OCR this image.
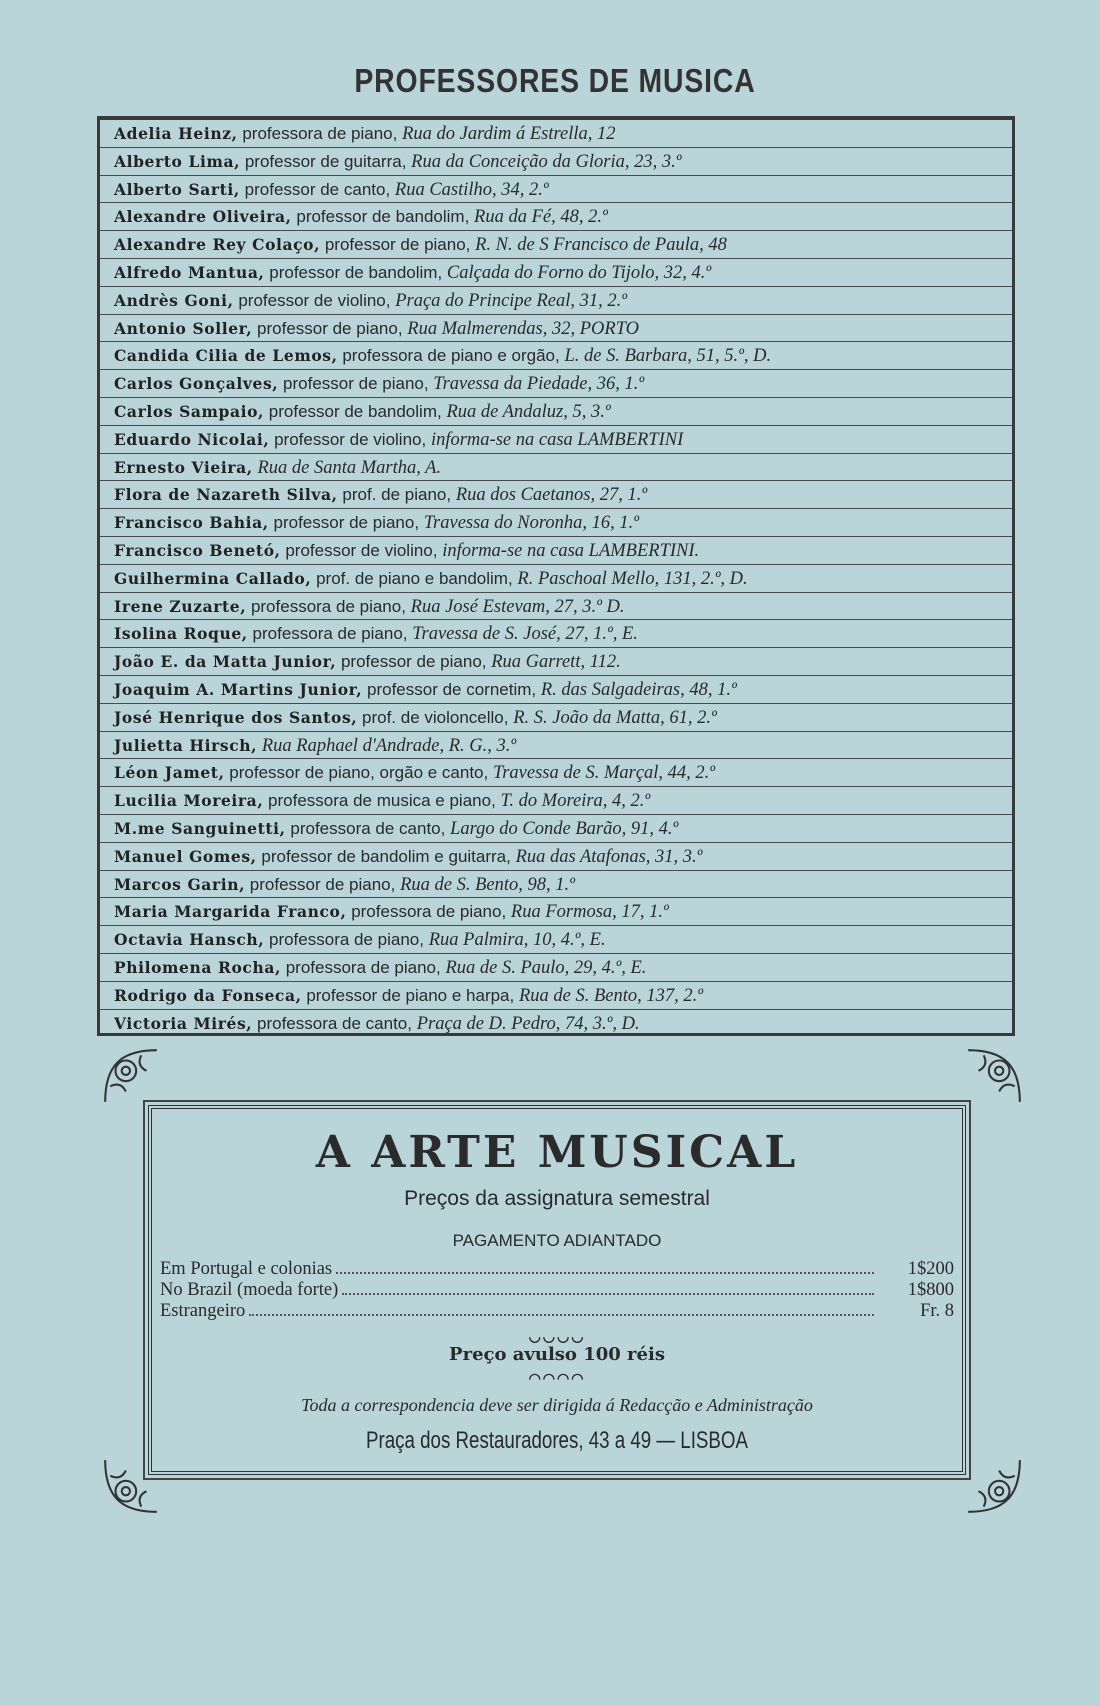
PROFESSORES DE MUSICA
Adelia Heinz, professora de piano, Rua do Jardim á Estrella, 12
Alberto Lima, professor de guitarra, Rua da Conceição da Gloria, 23, 3.º
Alberto Sarti, professor de canto, Rua Castilho, 34, 2.º
Alexandre Oliveira, professor de bandolim, Rua da Fé, 48, 2.º
Alexandre Rey Colaço, professor de piano, R. N. de S Francisco de Paula, 48
Alfredo Mantua, professor de bandolim, Calçada do Forno do Tijolo, 32, 4.º
Andrès Goni, professor de violino, Praça do Principe Real, 31, 2.º
Antonio Soller, professor de piano, Rua Malmerendas, 32, PORTO
Candida Cilia de Lemos, professora de piano e orgão, L. de S. Barbara, 51, 5.º, D.
Carlos Gonçalves, professor de piano, Travessa da Piedade, 36, 1.º
Carlos Sampaio, professor de bandolim, Rua de Andaluz, 5, 3.º
Eduardo Nicolai, professor de violino, informa-se na casa LAMBERTINI
Ernesto Vieira, Rua de Santa Martha, A.
Flora de Nazareth Silva, prof. de piano, Rua dos Caetanos, 27, 1.º
Francisco Bahia, professor de piano, Travessa do Noronha, 16, 1.º
Francisco Benetó, professor de violino, informa-se na casa LAMBERTINI.
Guilhermina Callado, prof. de piano e bandolim, R. Paschoal Mello, 131, 2.º, D.
Irene Zuzarte, professora de piano, Rua José Estevam, 27, 3.º D.
Isolina Roque, professora de piano, Travessa de S. José, 27, 1.º, E.
João E. da Matta Junior, professor de piano, Rua Garrett, 112.
Joaquim A. Martins Junior, professor de cornetim, R. das Salgadeiras, 48, 1.º
José Henrique dos Santos, prof. de violoncello, R. S. João da Matta, 61, 2.º
Julietta Hirsch, Rua Raphael d'Andrade, R. G., 3.º
Léon Jamet, professor de piano, orgão e canto, Travessa de S. Marçal, 44, 2.º
Lucilia Moreira, professora de musica e piano, T. do Moreira, 4, 2.º
M.me Sanguinetti, professora de canto, Largo do Conde Barão, 91, 4.º
Manuel Gomes, professor de bandolim e guitarra, Rua das Atafonas, 31, 3.º
Marcos Garin, professor de piano, Rua de S. Bento, 98, 1.º
Maria Margarida Franco, professora de piano, Rua Formosa, 17, 1.º
Octavia Hansch, professora de piano, Rua Palmira, 10, 4.º, E.
Philomena Rocha, professora de piano, Rua de S. Paulo, 29, 4.º, E.
Rodrigo da Fonseca, professor de piano e harpa, Rua de S. Bento, 137, 2.º
Victoria Mirés, professora de canto, Praça de D. Pedro, 74, 3.º, D.
A ARTE MUSICAL
Preços da assignatura semestral
PAGAMENTO ADIANTADO
Em Portugal e colonias	1$200
No Brazil (moeda forte)	1$800
Estrangeiro	Fr. 8
◡◡◡◡
Preço avulso 100 réis
◠◠◠◠
Toda a correspondencia deve ser dirigida á Redacção e Administração
Praça dos Restauradores, 43 a 49 — LISBOA
